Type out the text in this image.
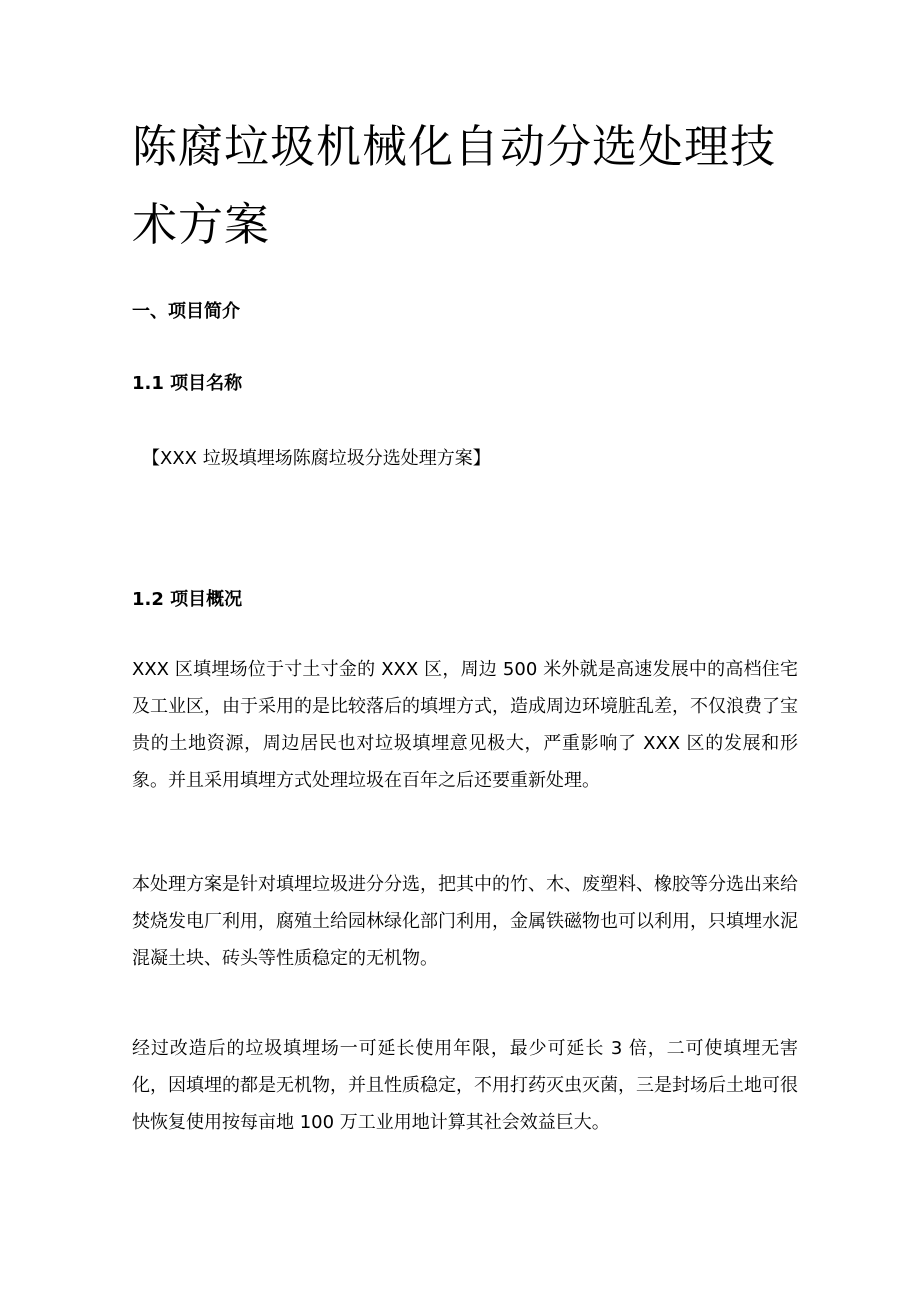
陈腐垃圾机械化自动分选处理技术方案
一、项目简介
1.1 项目名称

【XXX 垃圾填埋场陈腐垃圾分选处理方案】

1.2 项目概况

XXX 区填埋场位于寸土寸金的 XXX 区，周边 500 米外就是高速发展中的高档住宅及工业区，由于采用的是比较落后的填埋方式，造成周边环境脏乱差，不仅浪费了宝贵的土地资源，周边居民也对垃圾填埋意见极大，严重影响了 XXX 区的发展和形象。并且采用填埋方式处理垃圾在百年之后还要重新处理。

本处理方案是针对填埋垃圾进分分选，把其中的竹、木、废塑料、橡胶等分选出来给焚烧发电厂利用，腐殖土给园林绿化部门利用，金属铁磁物也可以利用，只填埋水泥混凝土块、砖头等性质稳定的无机物。

经过改造后的垃圾填埋场一可延长使用年限，最少可延长 3 倍，二可使填埋无害化，因填埋的都是无机物，并且性质稳定，不用打药灭虫灭菌，三是封场后土地可很快恢复使用按每亩地 100 万工业用地计算其社会效益巨大。
